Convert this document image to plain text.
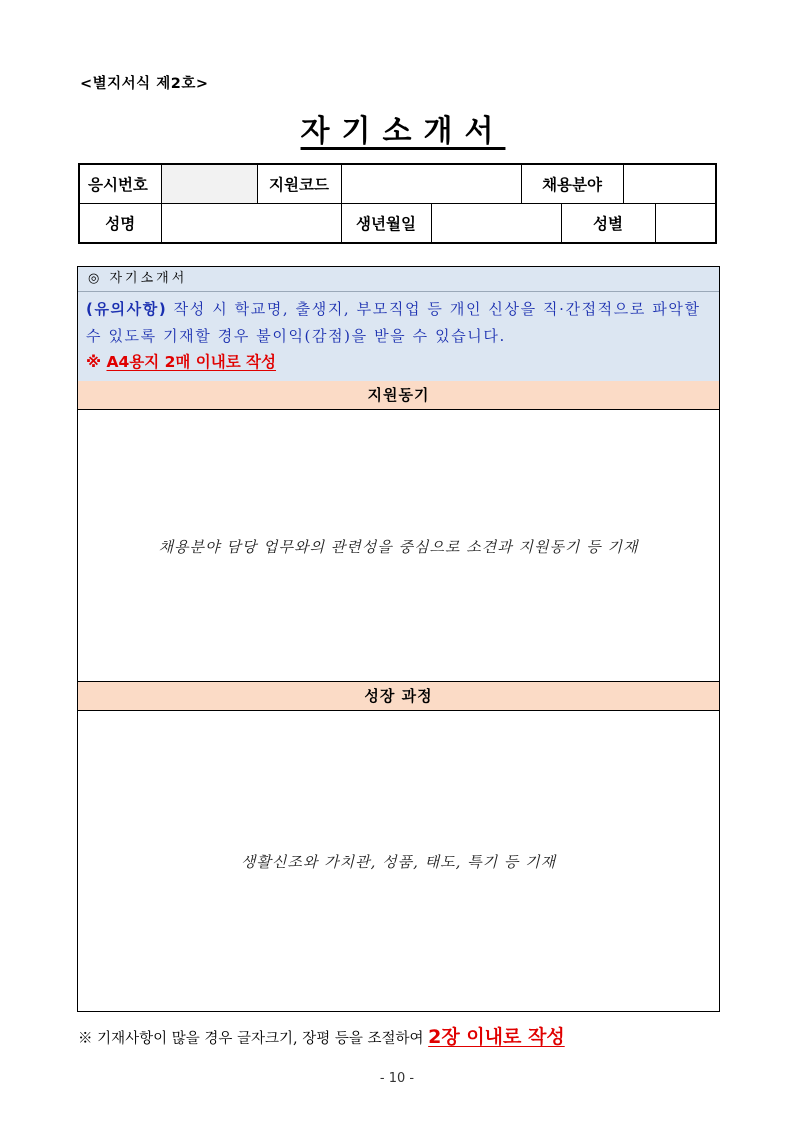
<별지서식 제2호>
자기소개서
응시번호		지원코드			채용분야			
성명			생년월일			성별		
◎ 자기소개서
(유의사항) 작성 시 학교명, 출생지, 부모직업 등 개인 신상을 직·간접적으로 파악할 수 있도록 기재할 경우 불이익(감점)을 받을 수 있습니다.
※ A4용지 2매 이내로 작성
지원동기
채용분야 담당 업무와의 관련성을 중심으로 소견과 지원동기 등 기재
성장 과정
생활신조와 가치관, 성품, 태도, 특기 등 기재
※ 기재사항이 많을 경우 글자크기, 장평 등을 조절하여 2장 이내로 작성
- 10 -
